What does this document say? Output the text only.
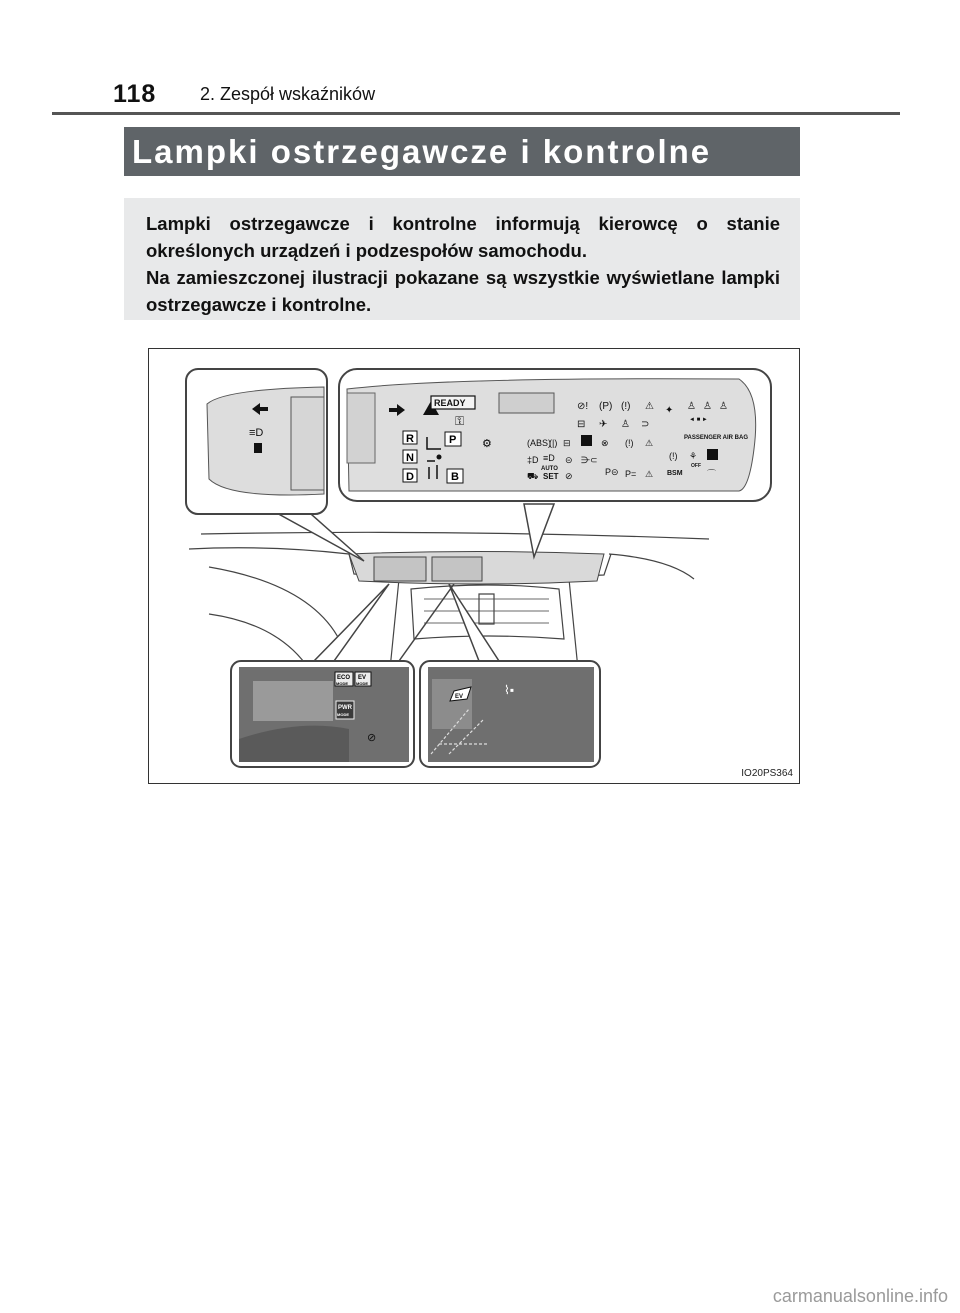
118 2. Zespół wskaźników
Lampki ostrzegawcze i kontrolne

Lampki ostrzegawcze i kontrolne informują kierowcę o stanie określonych urządzeń i podzespołów samochodu.

Na zamieszczonej ilustracji pokazane są wszystkie wyświetlane lampki ostrzegawcze i kontrolne.

≡D
READY
⚿
R
N
D
P
B
⚙
⊘! (P) (!) ⚠ ✦ ♙ ♙ ♙
⊟ ✈ ♙ ⊃	◄ ■ ►
PASSENGER AIR BAG
(ABS)
(|) ⊟	⊗ (!) ⚠
‡D ≡D
AUTO
⊝ ⋺⊂	(!) ⚘
OFF
⛟ SET ⊘	P⊝ P= ⚠ BSM	⌒
ECO
MODE
EV
MODE
PWR
MODE
⊘
EV	⌇▪
IO20PS364
carmanualsonline.info
